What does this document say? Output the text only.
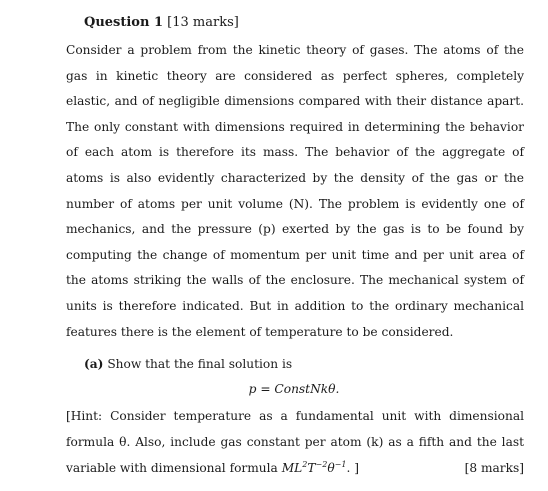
Question 1 [13 marks]

Consider a problem from the kinetic theory of gases. The atoms of the gas in kinetic theory are considered as perfect spheres, completely elastic, and of negligible dimensions compared with their distance apart. The only constant with dimensions required in determining the behavior of each atom is therefore its mass. The behavior of the aggregate of atoms is also evidently characterized by the density of the gas or the number of atoms per unit volume (N). The problem is evidently one of mechanics, and the pressure (p) exerted by the gas is to be found by computing the change of momentum per unit time and per unit area of the atoms striking the walls of the enclosure. The mechanical system of units is therefore indicated. But in addition to the ordinary mechanical features there is the element of temperature to be considered.

(a) Show that the final solution is
p = ConstNkθ.

[Hint: Consider temperature as a fundamental unit with dimensional formula θ. Also, include gas constant per atom (k) as a fifth and the last variable with dimensional formula $ML^2T^{-2}\theta^{-1}$. ]	[8 marks]
